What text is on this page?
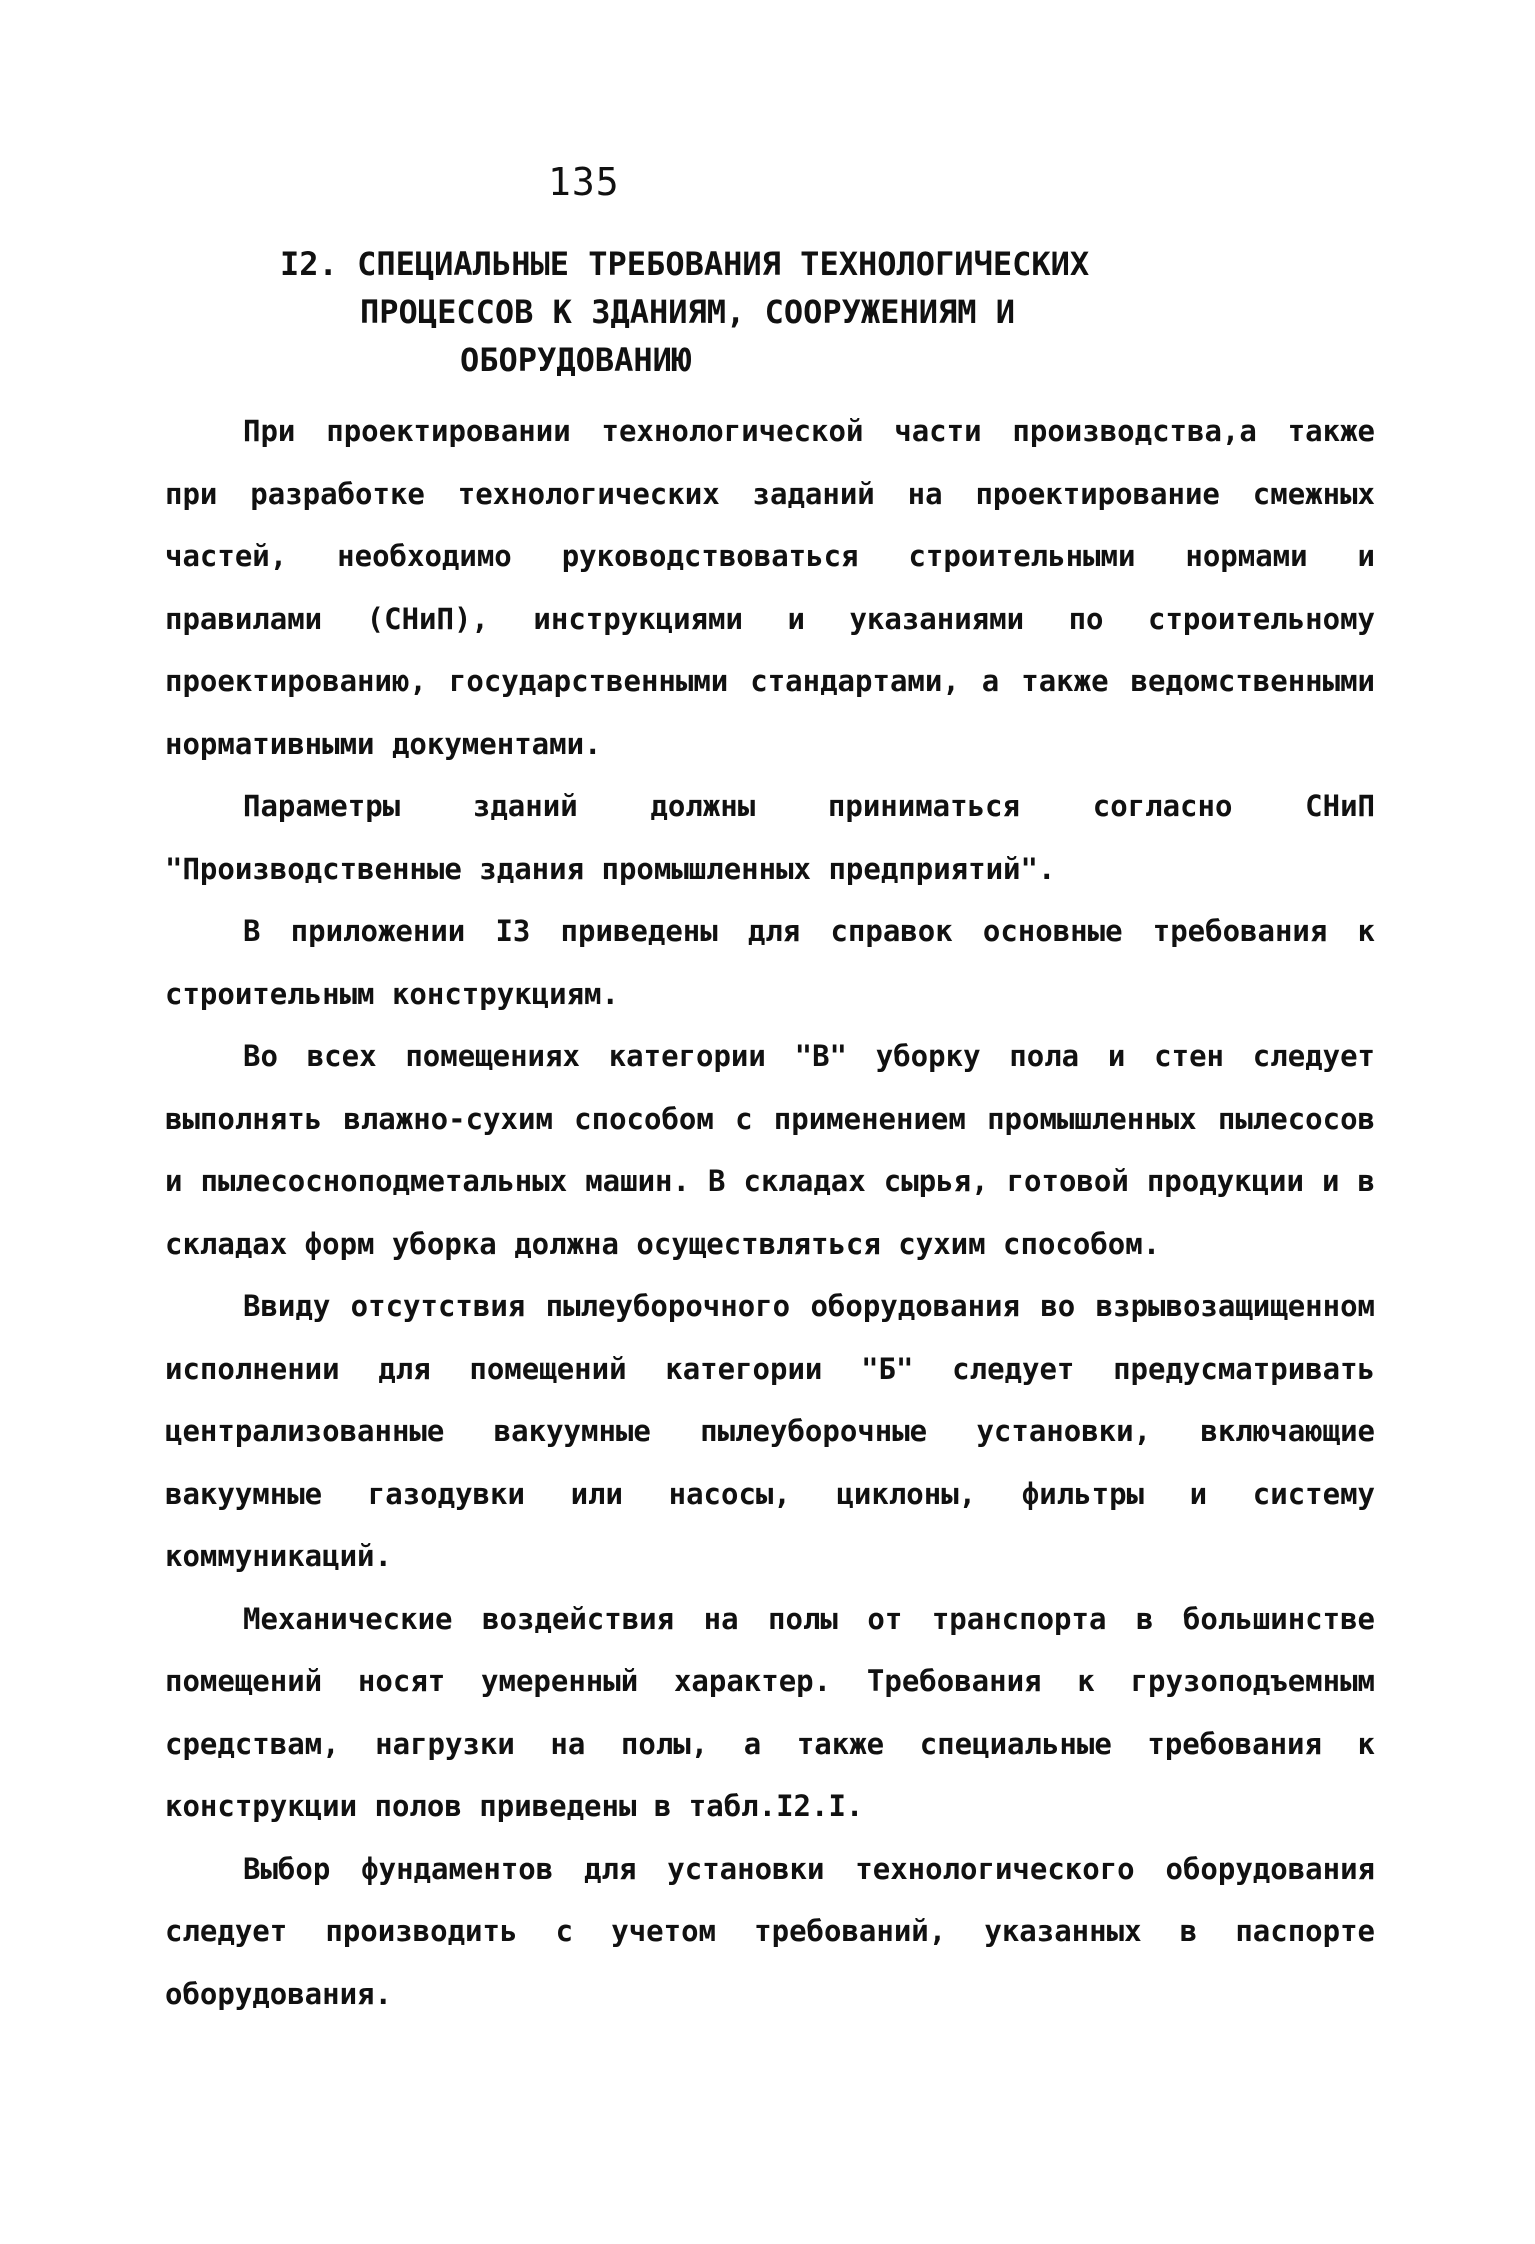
135
I2. СПЕЦИАЛЬНЫЕ ТРЕБОВАНИЯ ТЕХНОЛОГИЧЕСКИХ
ПРОЦЕССОВ К ЗДАНИЯМ, СООРУЖЕНИЯМ И
ОБОРУДОВАНИЮ

При проектировании технологической части производства,а также при разработке технологических заданий на проектирование смежных частей, необходимо руководствоваться строительными нормами и правилами (СНиП), инструкциями и указаниями по строительному проектированию, государственными стандартами, а также ведомственными нормативными документами.

Параметры зданий должны приниматься согласно СНиП "Производственные здания промышленных предприятий".

В приложении I3 приведены для справок основные требования к строительным конструкциям.

Во всех помещениях категории "В" уборку пола и стен следует выполнять влажно-сухим способом с применением промышленных пылесосов и пылесосноподметальных машин. В складах сырья, готовой продукции и в складах форм уборка должна осуществляться сухим способом.

Ввиду отсутствия пылеуборочного оборудования во взрывозащищенном исполнении для помещений категории "Б" следует предусматривать централизованные вакуумные пылеуборочные установки, включающие вакуумные газодувки или насосы, циклоны, фильтры и систему коммуникаций.

Механические воздействия на полы от транспорта в большинстве помещений носят умеренный характер. Требования к грузоподъемным средствам, нагрузки на полы, а также специальные требования к конструкции полов приведены в табл.I2.I.

Выбор фундаментов для установки технологического оборудования следует производить с учетом требований, указанных в паспорте оборудования.
